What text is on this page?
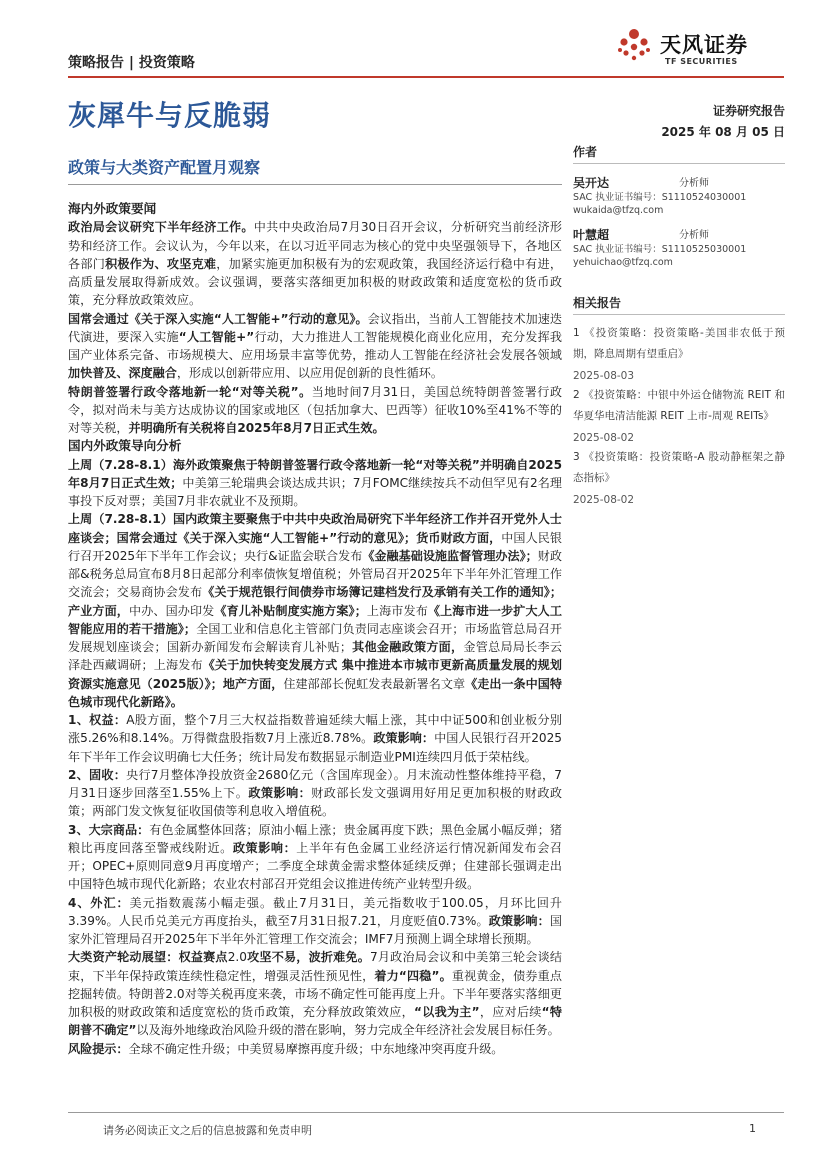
策略报告 | 投资策略
天风证券
TF SECURITIES
灰犀牛与反脆弱	证券研究报告
2025 年 08 月 05 日
政策与大类资产配置月观察

海内外政策要闻

政治局会议研究下半年经济工作。中共中央政治局7月30日召开会议，分析研究当前经济形势和经济工作。会议认为，今年以来，在以习近平同志为核心的党中央坚强领导下，各地区各部门积极作为、攻坚克难，加紧实施更加积极有为的宏观政策，我国经济运行稳中有进，高质量发展取得新成效。会议强调，要落实落细更加积极的财政政策和适度宽松的货币政策，充分释放政策效应。

国常会通过《关于深入实施“人工智能+”行动的意见》。会议指出，当前人工智能技术加速迭代演进，要深入实施“人工智能+”行动，大力推进人工智能规模化商业化应用，充分发挥我国产业体系完备、市场规模大、应用场景丰富等优势，推动人工智能在经济社会发展各领域加快普及、深度融合，形成以创新带应用、以应用促创新的良性循环。

特朗普签署行政令落地新一轮“对等关税”。当地时间7月31日，美国总统特朗普签署行政令，拟对尚未与美方达成协议的国家或地区（包括加拿大、巴西等）征收10%至41%不等的对等关税，并明确所有关税将自2025年8月7日正式生效。

国内外政策导向分析

上周（7.28-8.1）海外政策聚焦于特朗普签署行政令落地新一轮“对等关税”并明确自2025年8月7日正式生效；中美第三轮瑞典会谈达成共识；7月FOMC继续按兵不动但罕见有2名理事投下反对票；美国7月非农就业不及预期。

上周（7.28-8.1）国内政策主要聚焦于中共中央政治局研究下半年经济工作并召开党外人士座谈会；国常会通过《关于深入实施“人工智能+”行动的意见》；货币财政方面，中国人民银行召开2025年下半年工作会议；央行&证监会联合发布《金融基础设施监督管理办法》；财政部&税务总局宣布8月8日起部分利率债恢复增值税；外管局召开2025年下半年外汇管理工作交流会；交易商协会发布《关于规范银行间债券市场簿记建档发行及承销有关工作的通知》；产业方面，中办、国办印发《育儿补贴制度实施方案》；上海市发布《上海市进一步扩大人工智能应用的若干措施》；全国工业和信息化主管部门负责同志座谈会召开；市场监管总局召开发展规划座谈会；国新办新闻发布会解读育儿补贴；其他金融政策方面，金管总局局长李云泽赴西藏调研；上海发布《关于加快转变发展方式 集中推进本市城市更新高质量发展的规划资源实施意见（2025版）》；地产方面，住建部部长倪虹发表最新署名文章《走出一条中国特色城市现代化新路》。

1、权益：A股方面，整个7月三大权益指数普遍延续大幅上涨，其中中证500和创业板分别涨5.26%和8.14%。万得微盘股指数7月上涨近8.78%。政策影响：中国人民银行召开2025年下半年工作会议明确七大任务；统计局发布数据显示制造业PMI连续四月低于荣枯线。

2、固收：央行7月整体净投放资金2680亿元（含国库现金）。月末流动性整体维持平稳，7月31日逐步回落至1.55%上下。政策影响：财政部长发文强调用好用足更加积极的财政政策；两部门发文恢复征收国债等利息收入增值税。

3、大宗商品：有色金属整体回落；原油小幅上涨；贵金属再度下跌；黑色金属小幅反弹；猪粮比再度回落至警戒线附近。政策影响：上半年有色金属工业经济运行情况新闻发布会召开；OPEC+原则同意9月再度增产；二季度全球黄金需求整体延续反弹；住建部长强调走出中国特色城市现代化新路；农业农村部召开党组会议推进传统产业转型升级。

4、外汇：美元指数震荡小幅走强。截止7月31日，美元指数收于100.05，月环比回升3.39%。人民币兑美元方再度抬头，截至7月31日报7.21，月度贬值0.73%。政策影响：国家外汇管理局召开2025年下半年外汇管理工作交流会；IMF7月预测上调全球增长预期。

大类资产轮动展望：权益赛点2.0攻坚不易，波折难免。7月政治局会议和中美第三轮会谈结束，下半年保持政策连续性稳定性，增强灵活性预见性，着力“四稳”。重视黄金，债券重点挖掘转债。特朗普2.0对等关税再度来袭，市场不确定性可能再度上升。下半年要落实落细更加积极的财政政策和适度宽松的货币政策，充分释放政策效应，“以我为主”，应对后续“特朗普不确定”以及海外地缘政治风险升级的潜在影响，努力完成全年经济社会发展目标任务。

风险提示：全球不确定性升级；中美贸易摩擦再度升级；中东地缘冲突再度升级。

作者
吴开达	分析师
SAC 执业证书编号：S1110524030001
wukaida@tfzq.com
叶慧超	分析师
SAC 执业证书编号：S1110525030001
yehuichao@tfzq.com
相关报告
1 《投资策略：投资策略-美国非农低于预期，降息周期有望重启》
2025-08-03
2 《投资策略：中银中外运仓储物流 REIT 和华夏华电清洁能源 REIT 上市-周观 REITs》
2025-08-02
3 《投资策略：投资策略-A 股动静框架之静态指标》
2025-08-02
请务必阅读正文之后的信息披露和免责申明	1
